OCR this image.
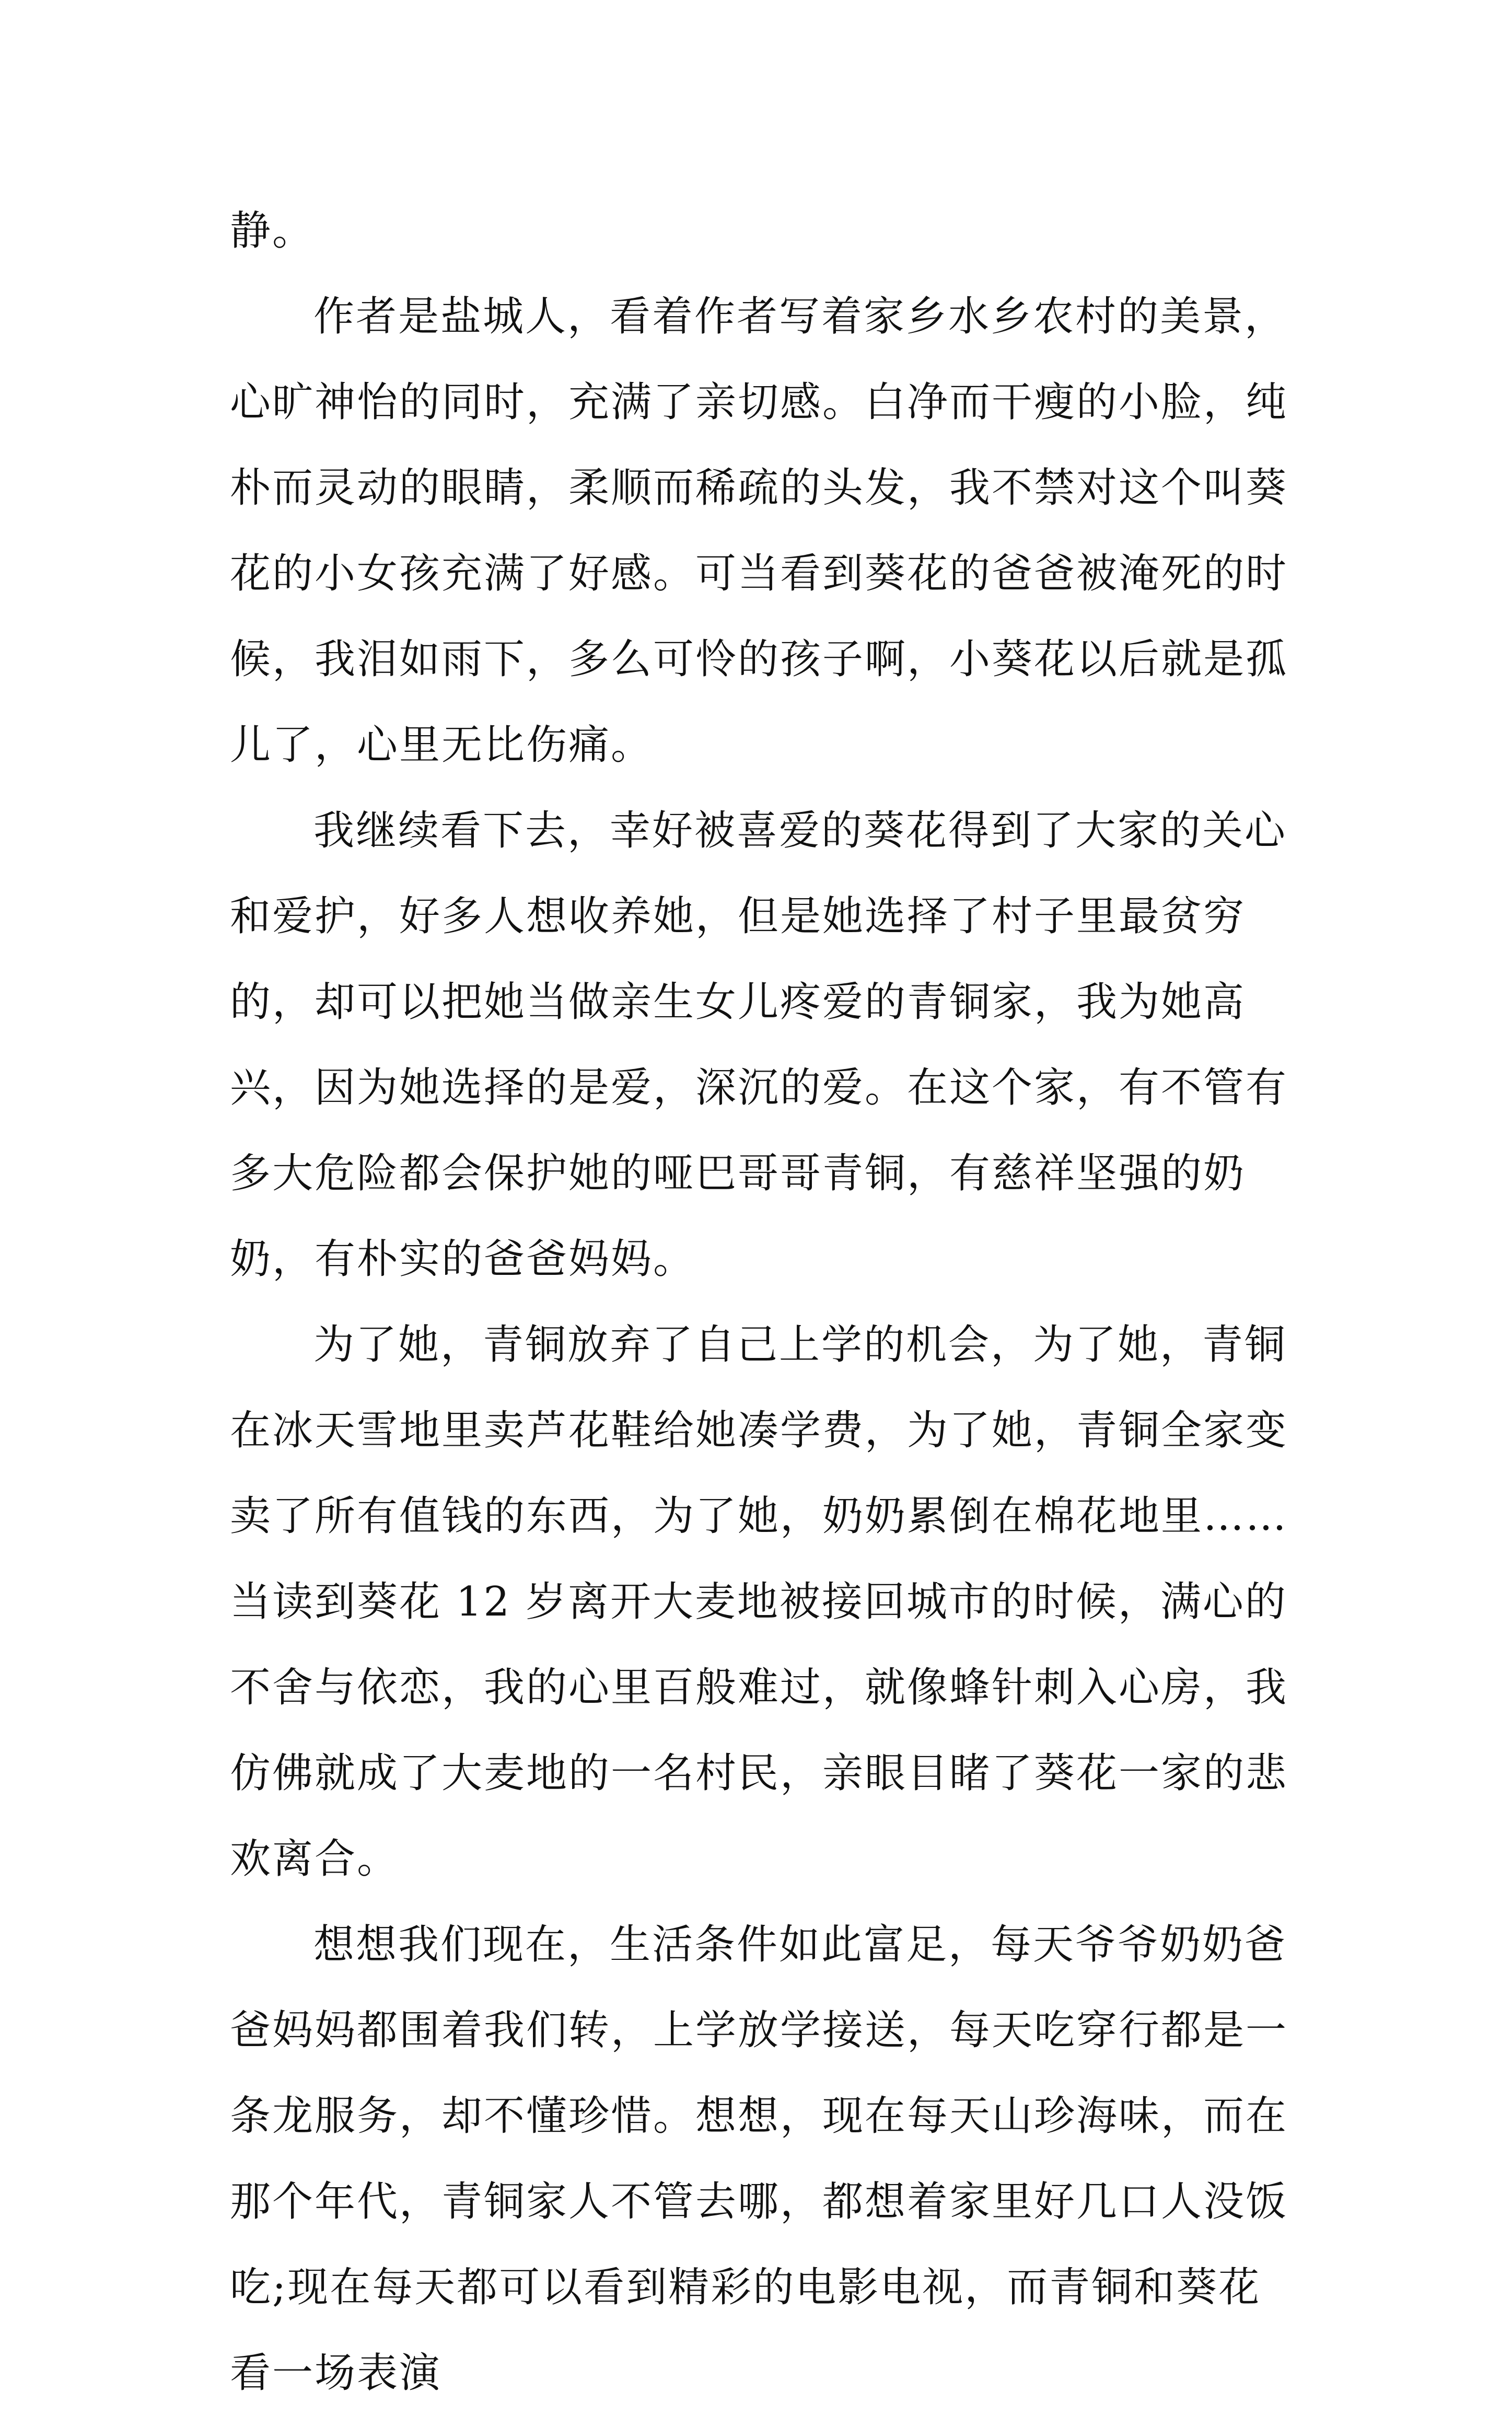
静。

作者是盐城人，看着作者写着家乡水乡农村的美景，心旷神怡的同时，充满了亲切感。白净而干瘦的小脸，纯朴而灵动的眼睛，柔顺而稀疏的头发，我不禁对这个叫葵花的小女孩充满了好感。可当看到葵花的爸爸被淹死的时候，我泪如雨下，多么可怜的孩子啊，小葵花以后就是孤儿了，心里无比伤痛。

我继续看下去，幸好被喜爱的葵花得到了大家的关心和爱护，好多人想收养她，但是她选择了村子里最贫穷的，却可以把她当做亲生女儿疼爱的青铜家，我为她高兴，因为她选择的是爱，深沉的爱。在这个家，有不管有多大危险都会保护她的哑巴哥哥青铜，有慈祥坚强的奶奶，有朴实的爸爸妈妈。

为了她，青铜放弃了自己上学的机会，为了她，青铜在冰天雪地里卖芦花鞋给她凑学费，为了她，青铜全家变卖了所有值钱的东西，为了她，奶奶累倒在棉花地里……当读到葵花 12 岁离开大麦地被接回城市的时候，满心的不舍与依恋，我的心里百般难过，就像蜂针刺入心房，我仿佛就成了大麦地的一名村民，亲眼目睹了葵花一家的悲欢离合。

想想我们现在，生活条件如此富足，每天爷爷奶奶爸爸妈妈都围着我们转，上学放学接送，每天吃穿行都是一条龙服务，却不懂珍惜。想想，现在每天山珍海味，而在那个年代，青铜家人不管去哪，都想着家里好几口人没饭吃;现在每天都可以看到精彩的电影电视，而青铜和葵花看一场表演
